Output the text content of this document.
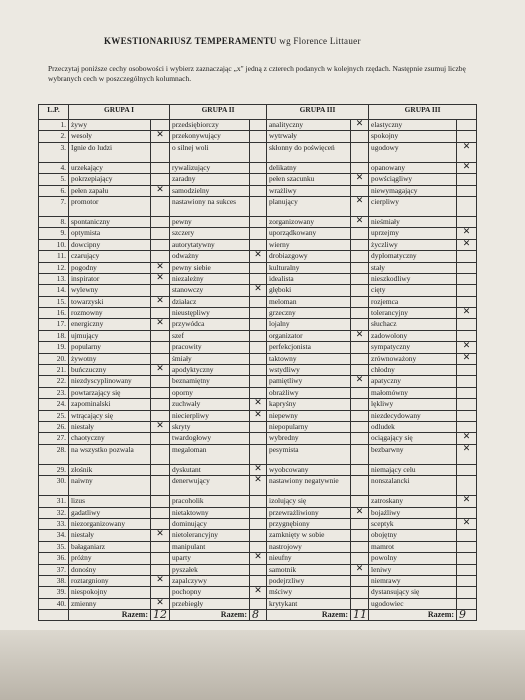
KWESTIONARIUSZ TEMPERAMENTU wg Florence Littauer
Przeczytaj poniższe cechy osobowości i wybierz zaznaczając „x" jedną z czterech podanych w kolejnych rzędach. Następnie zsumuj liczbę wybranych cech w poszczególnych kolumnach.
L.P.	GRUPA I		GRUPA II		GRUPA III		GRUPA III	
1.	żywy		przedsiębiorczy		analityczny	✕	elastyczny	
2.	wesoły	✕	przekonywujący		wytrwały		spokojny	
3.	Ignie do ludzi		o silnej woli		skłonny do poświęceń		ugodowy	✕
4.	urzekający		rywalizujący		delikatny		opanowany	✕
5.	pokrzepiający		zaradny		pełen szacunku	✕	powściągliwy	
6.	pełen zapału	✕	samodzielny		wrażliwy		niewymagający	
7.	promotor		nastawiony na sukces		planujący	✕	cierpliwy	
8.	spontaniczny		pewny		zorganizowany	✕	nieśmiały	
9.	optymista		szczery		uporządkowany		uprzejmy	✕
10.	dowcipny		autorytatywny		wierny		życzliwy	✕
11.	czarujący		odważny	✕	drobiazgowy		dyplomatyczny	
12.	pogodny	✕	pewny siebie		kulturalny		stały	
13.	inspirator	✕	niezależny		idealista		nieszkodliwy	
14.	wylewny		stanowczy	✕	głęboki		cięty	
15.	towarzyski	✕	działacz		meloman		rozjemca	
16.	rozmowny		nieustępliwy		grzeczny		tolerancyjny	✕
17.	energiczny	✕	przywódca		lojalny		słuchacz	
18.	ujmujący		szef		organizator	✕	zadowolony	
19.	popularny		pracowity		perfekcjonista		sympatyczny	✕
20.	żywotny		śmiały		taktowny		zrównoważony	✕
21.	buńczuczny	✕	apodyktyczny		wstydliwy		chłodny	
22.	niezdyscyplinowany		beznamiętny		pamiętliwy	✕	apatyczny	
23.	powtarzający się		oporny		obrażliwy		małomówny	
24.	zapominalski		zuchwały	✕	kapryśny		lękliwy	
25.	wtrącający się		niecierpliwy	✕	niepewny		niezdecydowany	
26.	niestały	✕	skryty		niepopularny		odludek	
27.	chaotyczny		twardogłowy		wybredny		ociągający się	✕
28.	na wszystko pozwala		megaloman		pesymista		bezbarwny	✕
29.	złośnik		dyskutant	✕	wyobcowany		niemający celu	
30.	naiwny		denerwujący	✕	nastawiony negatywnie		nonszalancki	
31.	lizus		pracoholik		izolujący się		zatroskany	✕
32.	gadatliwy		nietaktowny		przewrażliwiony	✕	bojaźliwy	
33.	niezorganizowany		dominujący		przygnębiony		sceptyk	✕
34.	niestały	✕	nietolerancyjny		zamknięty w sobie		obojętny	
35.	bałaganiarz		manipulant		nastrojowy		mamrot	
36.	próżny		uparty	✕	nieufny		powolny	
37.	donośny		pyszałek		samotnik	✕	leniwy	
38.	roztargniony	✕	zapalczywy		podejrzliwy		niemrawy	
39.	niespokojny		pochopny	✕	mściwy		dystansujący się	
40.	zmienny	✕	przebiegły		krytykant		ugodowiec	
	Razem:	12	Razem:	8	Razem:	11	Razem:	9
